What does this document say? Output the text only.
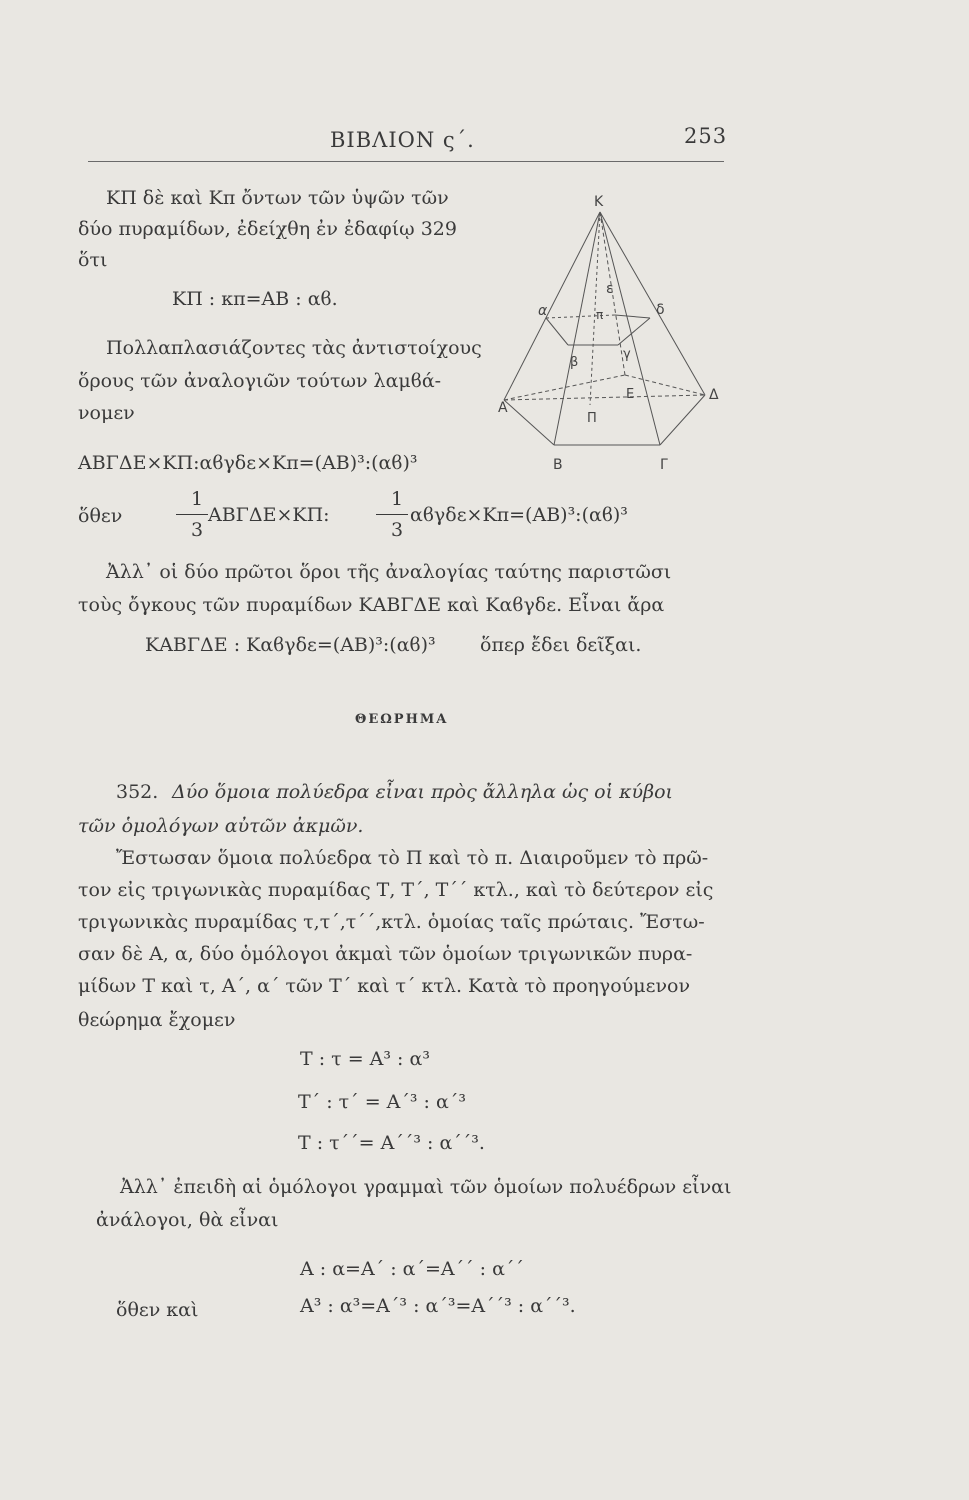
ΒΙΒΛΙΟΝ ς΄.	253
Κ
ε
α	π	δ
β
γ
Ε
Α
Π
Δ
Β	Γ
ΚΠ δὲ καὶ Κπ ὄντων τῶν ὑψῶν τῶν
δύο πυραμίδων, ἐδείχθη ἐν ἐδαφίῳ 329
ὅτι
ΚΠ : κπ=ΑΒ : αϐ.
Πολλαπλασιάζοντες τὰς ἀντιστοίχους
ὅρους τῶν ἀναλογιῶν τούτων λαμϐά-
νομεν
ΑΒΓΔΕ×ΚΠ:αϐγδε×Κπ=(ΑΒ)³:(αϐ)³
ὅθεν
1
3
ΑΒΓΔΕ×ΚΠ:
1
3
αϐγδε×Κπ=(ΑΒ)³:(αϐ)³
Ἀλλ᾽ οἱ δύο πρῶτοι ὅροι τῆς ἀναλογίας ταύτης παριστῶσι
τοὺς ὄγκους τῶν πυραμίδων ΚΑΒΓΔΕ καὶ Καϐγδε. Εἶναι ἄρα
ΚΑΒΓΔΕ : Καϐγδε=(ΑΒ)³:(αϐ)³ ὅπερ ἔδει δεῖξαι.
ΘΕΩΡΗΜΑ
352. Δύο ὅμοια πολύεδρα εἶναι πρὸς ἄλληλα ὡς οἱ κύβοι
τῶν ὁμολόγων αὐτῶν ἀκμῶν.
Ἔστωσαν ὅμοια πολύεδρα τὸ Π καὶ τὸ π. Διαιροῦμεν τὸ πρῶ-
τον εἰς τριγωνικὰς πυραμίδας Τ, Τ΄, Τ΄΄ κτλ., καὶ τὸ δεύτερον εἰς
τριγωνικὰς πυραμίδας τ,τ΄,τ΄΄,κτλ. ὁμοίας ταῖς πρώταις. Ἔστω-
σαν δὲ Α, α, δύο ὁμόλογοι ἀκμαὶ τῶν ὁμοίων τριγωνικῶν πυρα-
μίδων Τ καὶ τ, Α΄, α΄ τῶν Τ΄ καὶ τ΄ κτλ. Κατὰ τὸ προηγούμενον
θεώρημα ἔχομεν
Τ : τ = Α³ : α³
Τ΄ : τ΄ = Α΄³ : α΄³
Τ : τ΄΄= Α΄΄³ : α΄΄³.
Ἀλλ᾽ ἐπειδὴ αἱ ὁμόλογοι γραμμαὶ τῶν ὁμοίων πολυέδρων εἶναι
ἀνάλογοι, θὰ εἶναι
Α : α=Α΄ : α΄=Α΄΄ : α΄΄
ὅθεν καὶ	Α³ : α³=Α΄³ : α΄³=Α΄΄³ : α΄΄³.
